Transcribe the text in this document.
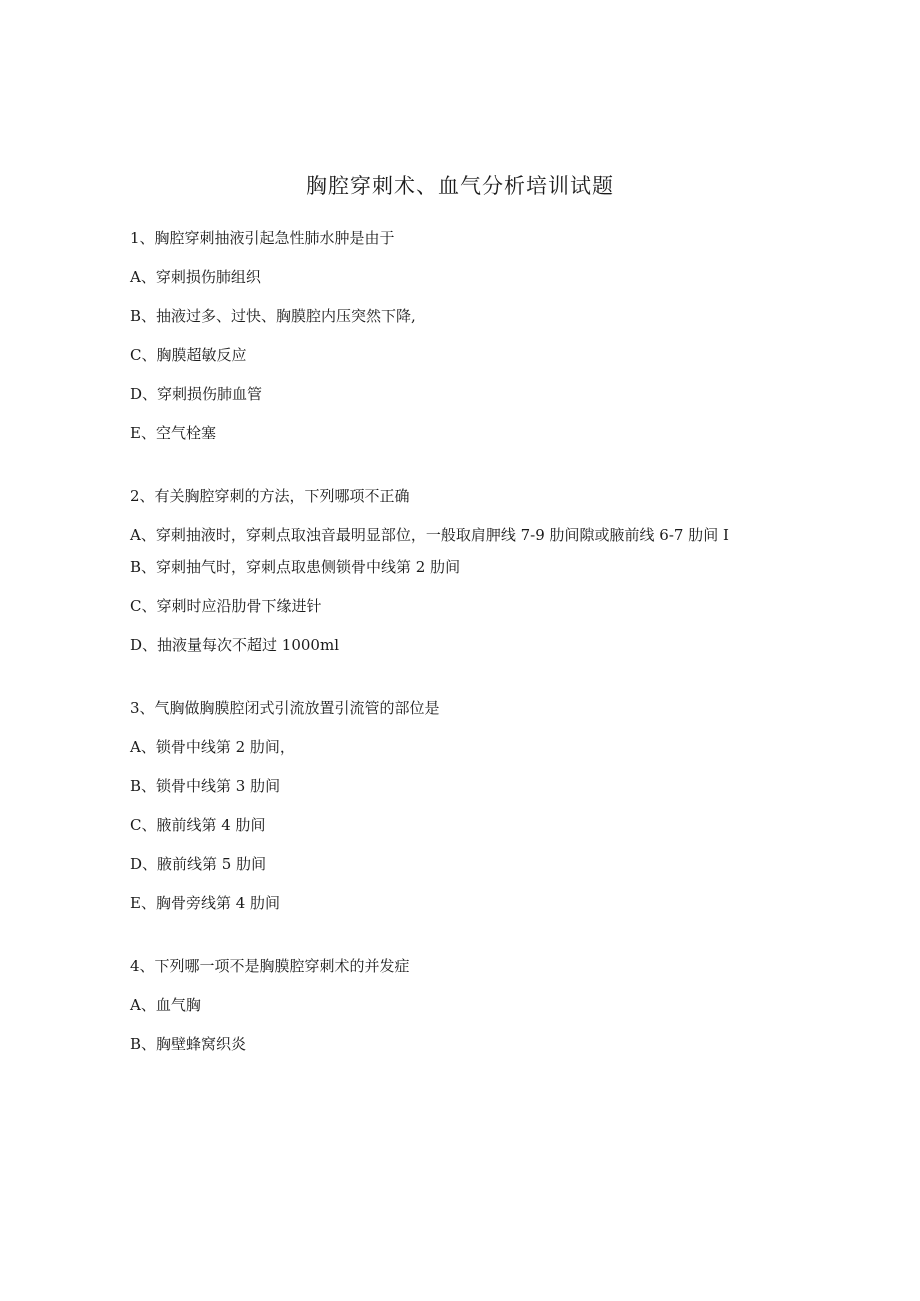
胸腔穿刺术、血气分析培训试题

1、胸腔穿刺抽液引起急性肺水肿是由于

A、穿刺损伤肺组织

B、抽液过多、过快、胸膜腔内压突然下降,

C、胸膜超敏反应

D、穿刺损伤肺血管

E、空气栓塞

2、有关胸腔穿刺的方法，下列哪项不正确

A、穿刺抽液时，穿刺点取浊音最明显部位，一般取肩胛线 7-9 肋间隙或腋前线 6-7 肋间 I

B、穿刺抽气时，穿刺点取患侧锁骨中线第 2 肋间

C、穿刺时应沿肋骨下缘进针

D、抽液量每次不超过 1000ml

3、气胸做胸膜腔闭式引流放置引流管的部位是

A、锁骨中线第 2 肋间，

B、锁骨中线第 3 肋间

C、腋前线第 4 肋间

D、腋前线第 5 肋间

E、胸骨旁线第 4 肋间

4、下列哪一项不是胸膜腔穿刺术的并发症

A、血气胸

B、胸壁蜂窝织炎
